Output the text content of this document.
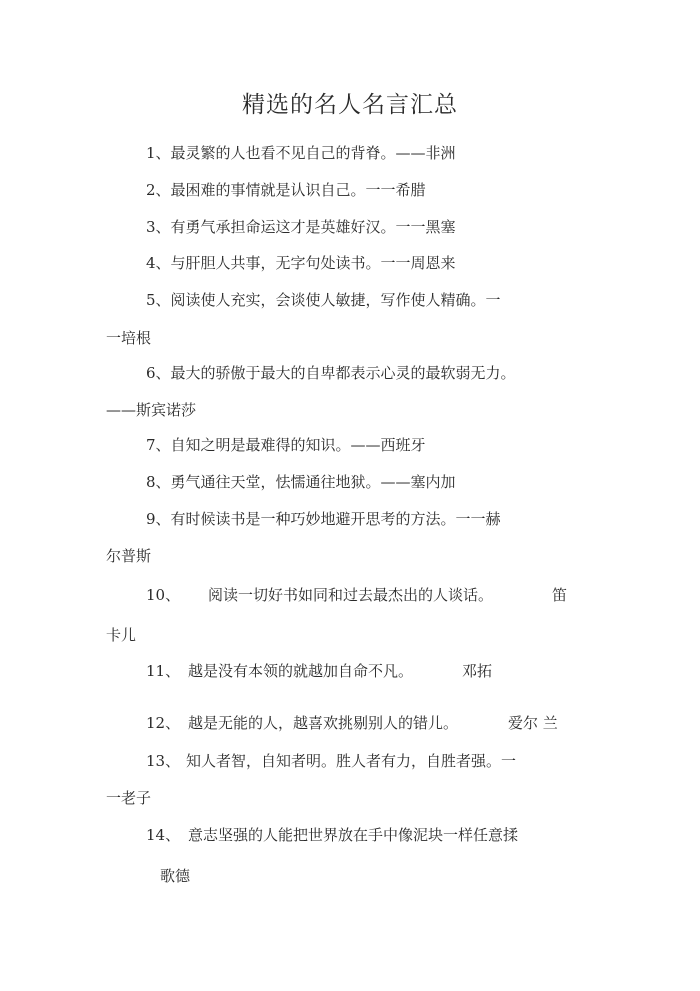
精选的名人名言汇总
1、最灵繁的人也看不见自己的背脊。——非洲
2、最困难的事情就是认识自己。一一希腊
3、有勇气承担命运这才是英雄好汉。一一黑塞
4、与肝胆人共事，无字句处读书。一一周恩来
5、阅读使人充实，会谈使人敏捷，写作使人精确。一
一培根
6、最大的骄傲于最大的自卑都表示心灵的最软弱无力。
——斯宾诺莎
7、自知之明是最难得的知识。——西班牙
8、勇气通往天堂，怯懦通往地狱。——塞内加
9、有时候读书是一种巧妙地避开思考的方法。一一赫
尔普斯
10、 阅读一切好书如同和过去最杰出的人谈话。	笛
卡儿
11、 越是没有本领的就越加自命不凡。	邓拓
12、 越是无能的人，越喜欢挑剔别人的错儿。	爱尔 兰
13、 知人者智，自知者明。胜人者有力，自胜者强。一
一老子
14、 意志坚强的人能把世界放在手中像泥块一样任意揉
歌德
